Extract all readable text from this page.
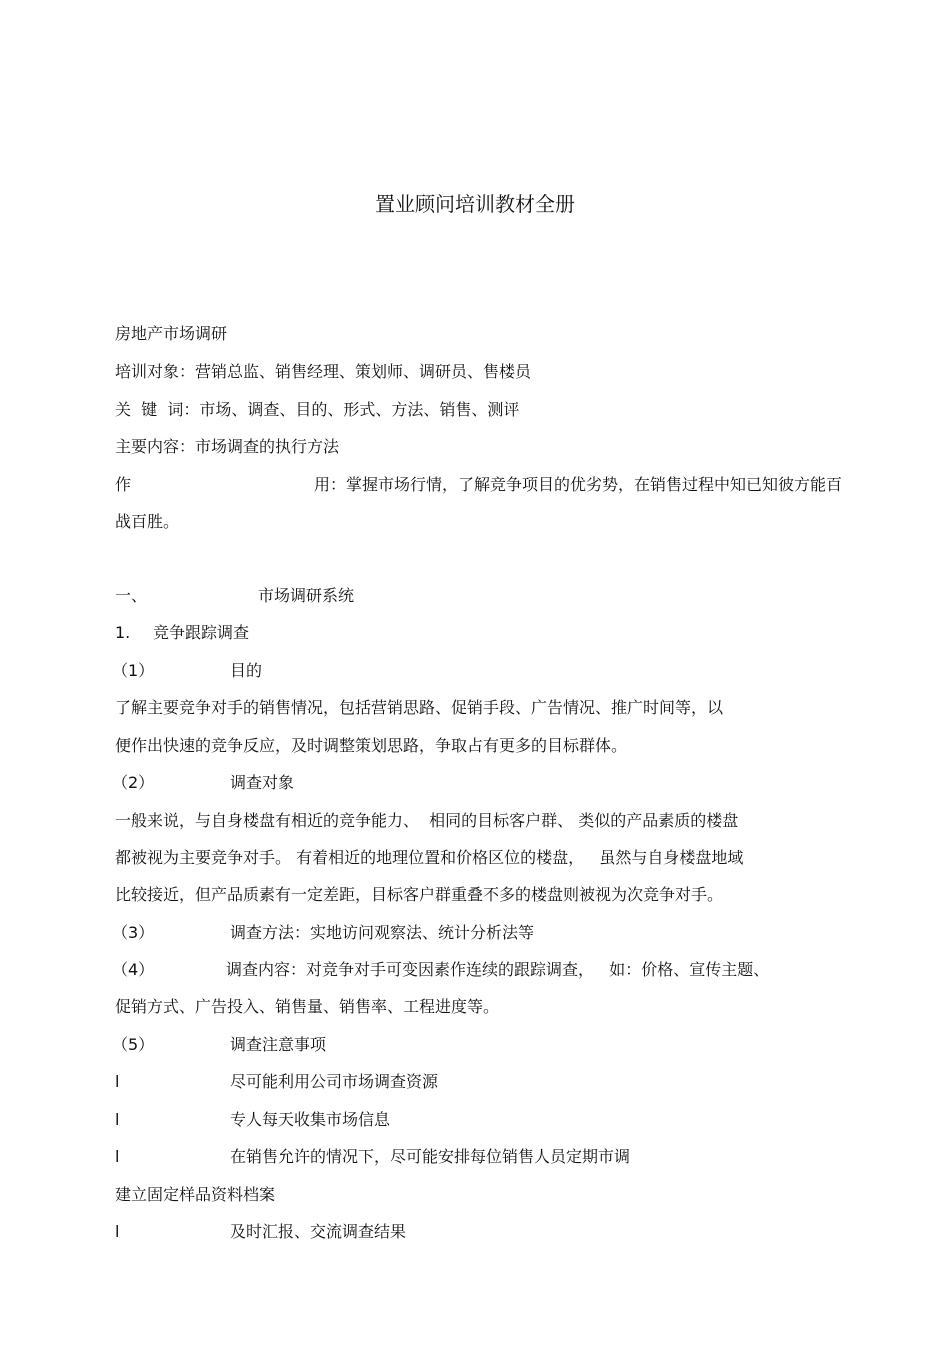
置业顾问培训教材全册
房地产市场调研
培训对象：营销总监、销售经理、策划师、调研员、售楼员
关  键  词：市场、调查、目的、形式、方法、销售、测评
主要内容：市场调查的执行方法
作	用：掌握市场行情，了解竞争项目的优劣势，在销售过程中知已知彼方能百
战百胜。
一、	市场调研系统
1. 竞争跟踪调查
（1）	目的
了解主要竞争对手的销售情况，包括营销思路、促销手段、广告情况、推广时间等，以
便作出快速的竞争反应，及时调整策划思路，争取占有更多的目标群体。
（2）	调查对象
一般来说，与自身楼盘有相近的竞争能力、  相同的目标客户群、 类似的产品素质的楼盘
都被视为主要竞争对手。 有着相近的地理位置和价格区位的楼盘，   虽然与自身楼盘地域
比较接近，但产品质素有一定差距，目标客户群重叠不多的楼盘则被视为次竞争对手。
（3）	调查方法：实地访问观察法、统计分析法等
（4）	调查内容：对竞争对手可变因素作连续的跟踪调查，   如：价格、宣传主题、
促销方式、广告投入、销售量、销售率、工程进度等。
（5）	调查注意事项
l	尽可能利用公司市场调查资源
l	专人每天收集市场信息
l	在销售允许的情况下，尽可能安排每位销售人员定期市调
建立固定样品资料档案
l	及时汇报、交流调查结果
